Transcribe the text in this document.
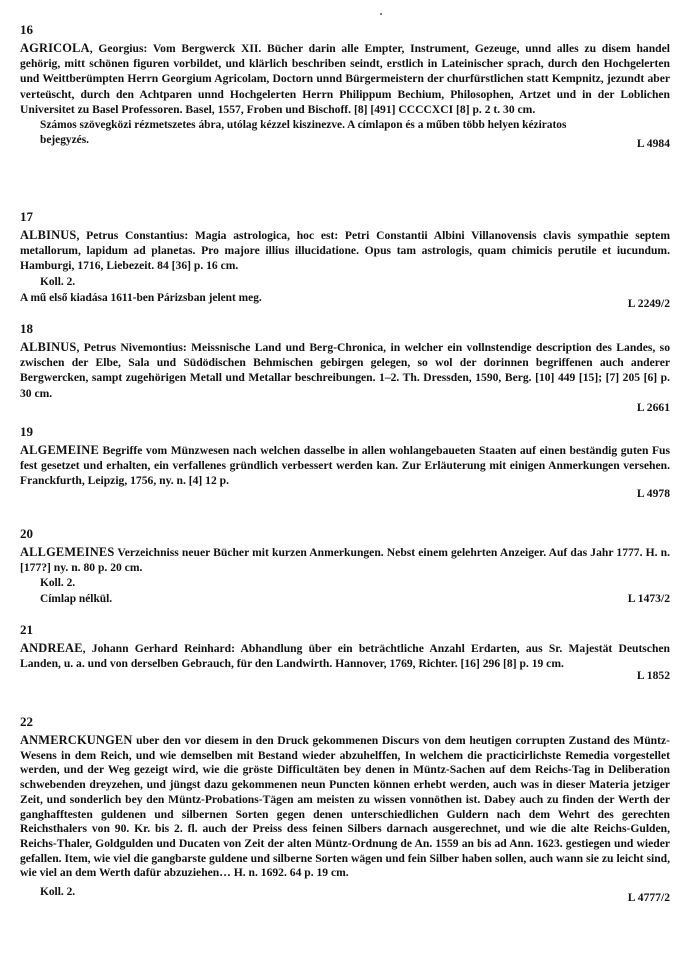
16
AGRICOLA, Georgius: Vom Bergwerck XII. Bücher darin alle Empter, Instrument, Gezeuge, unnd alles zu disem handel gehörig, mitt schönen figuren vorbildet, und klärlich beschriben seindt, erstlich in Lateinischer sprach, durch den Hochgelerten und Weittberümpten Herrn Georgium Agricolam, Doctorn unnd Bürgermeistern der churfürstlichen statt Kempnitz, jezundt aber verteüscht, durch den Achtparen unnd Hochgelerten Herrn Philippum Bechium, Philosophen, Artzet und in der Loblichen Universitet zu Basel Professoren. Basel, 1557, Froben und Bischoff. [8] [491] CCCCXCI [8] p. 2 t. 30 cm.
Számos szövegközi rézmetszetes ábra, utólag kézzel kiszinezve. A címlapon és a műben több helyen kéziratos bejegyzés.	L 4984
17
ALBINUS, Petrus Constantius: Magia astrologica, hoc est: Petri Constantii Albini Villanovensis clavis sympathie septem metallorum, lapidum ad planetas. Pro majore illius illucidatione. Opus tam astrologis, quam chimicis perutile et iucundum. Hamburgi, 1716, Liebezeit. 84 [36] p. 16 cm.
Koll. 2.
A mű első kiadása 1611-ben Párizsban jelent meg.	L 2249/2
18
ALBINUS, Petrus Nivemontius: Meissnische Land und Berg-Chronica, in welcher ein vollnstendige description des Landes, so zwischen der Elbe, Sala und Südödischen Behmischen gebirgen gelegen, so wol der dorinnen begriffenen auch anderer Bergwercken, sampt zugehörigen Metall und Metallar beschreibungen. 1–2. Th. Dressden, 1590, Berg. [10] 449 [15]; [7] 205 [6] p. 30 cm.
L 2661
19
ALGEMEINE Begriffe vom Münzwesen nach welchen dasselbe in allen wohlangebaueten Staaten auf einen beständig guten Fus fest gesetzet und erhalten, ein verfallenes gründlich verbessert werden kan. Zur Erläuterung mit einigen Anmerkungen versehen. Franckfurth, Leipzig, 1756, ny. n. [4] 12 p.
L 4978
20
ALLGEMEINES Verzeichniss neuer Bücher mit kurzen Anmerkungen. Nebst einem gelehrten Anzeiger. Auf das Jahr 1777. H. n. [177?] ny. n. 80 p. 20 cm.
Koll. 2.
Címlap nélkül.	L 1473/2
21
ANDREAE, Johann Gerhard Reinhard: Abhandlung über ein beträchtliche Anzahl Erdarten, aus Sr. Majestät Deutschen Landen, u. a. und von derselben Gebrauch, für den Landwirth. Hannover, 1769, Richter. [16] 296 [8] p. 19 cm.
L 1852
22
ANMERCKUNGEN uber den vor diesem in den Druck gekommenen Discurs von dem heutigen corrupten Zustand des Müntz-Wesens in dem Reich, und wie demselben mit Bestand wieder abzuhelffen, In welchem die practicirlichste Remedia vorgestellet werden, und der Weg gezeigt wird, wie die gröste Difficultäten bey denen in Müntz-Sachen auf dem Reichs-Tag in Deliberation schwebenden dreyzehen, und jüngst dazu gekommenen neun Puncten können erhebt werden, auch was in dieser Materia jetziger Zeit, und sonderlich bey den Müntz-Probations-Tägen am meisten zu wissen vonnöthen ist. Dabey auch zu finden der Werth der ganghafftesten guldenen und silbernen Sorten gegen denen unterschiedlichen Guldern nach dem Wehrt des gerechten Reichsthalers von 90. Kr. bis 2. fl. auch der Preiss dess feinen Silbers darnach ausgerechnet, und wie die alte Reichs-Gulden, Reichs-Thaler, Goldgulden und Ducaten von Zeit der alten Müntz-Ordnung de An. 1559 an bis ad Ann. 1623. gestiegen und wieder gefallen. Item, wie viel die gangbarste guldene und silberne Sorten wägen und fein Silber haben sollen, auch wann sie zu leicht sind, wie viel an dem Werth dafür abzuziehen… H. n. 1692. 64 p. 19 cm.
Koll. 2.	L 4777/2
